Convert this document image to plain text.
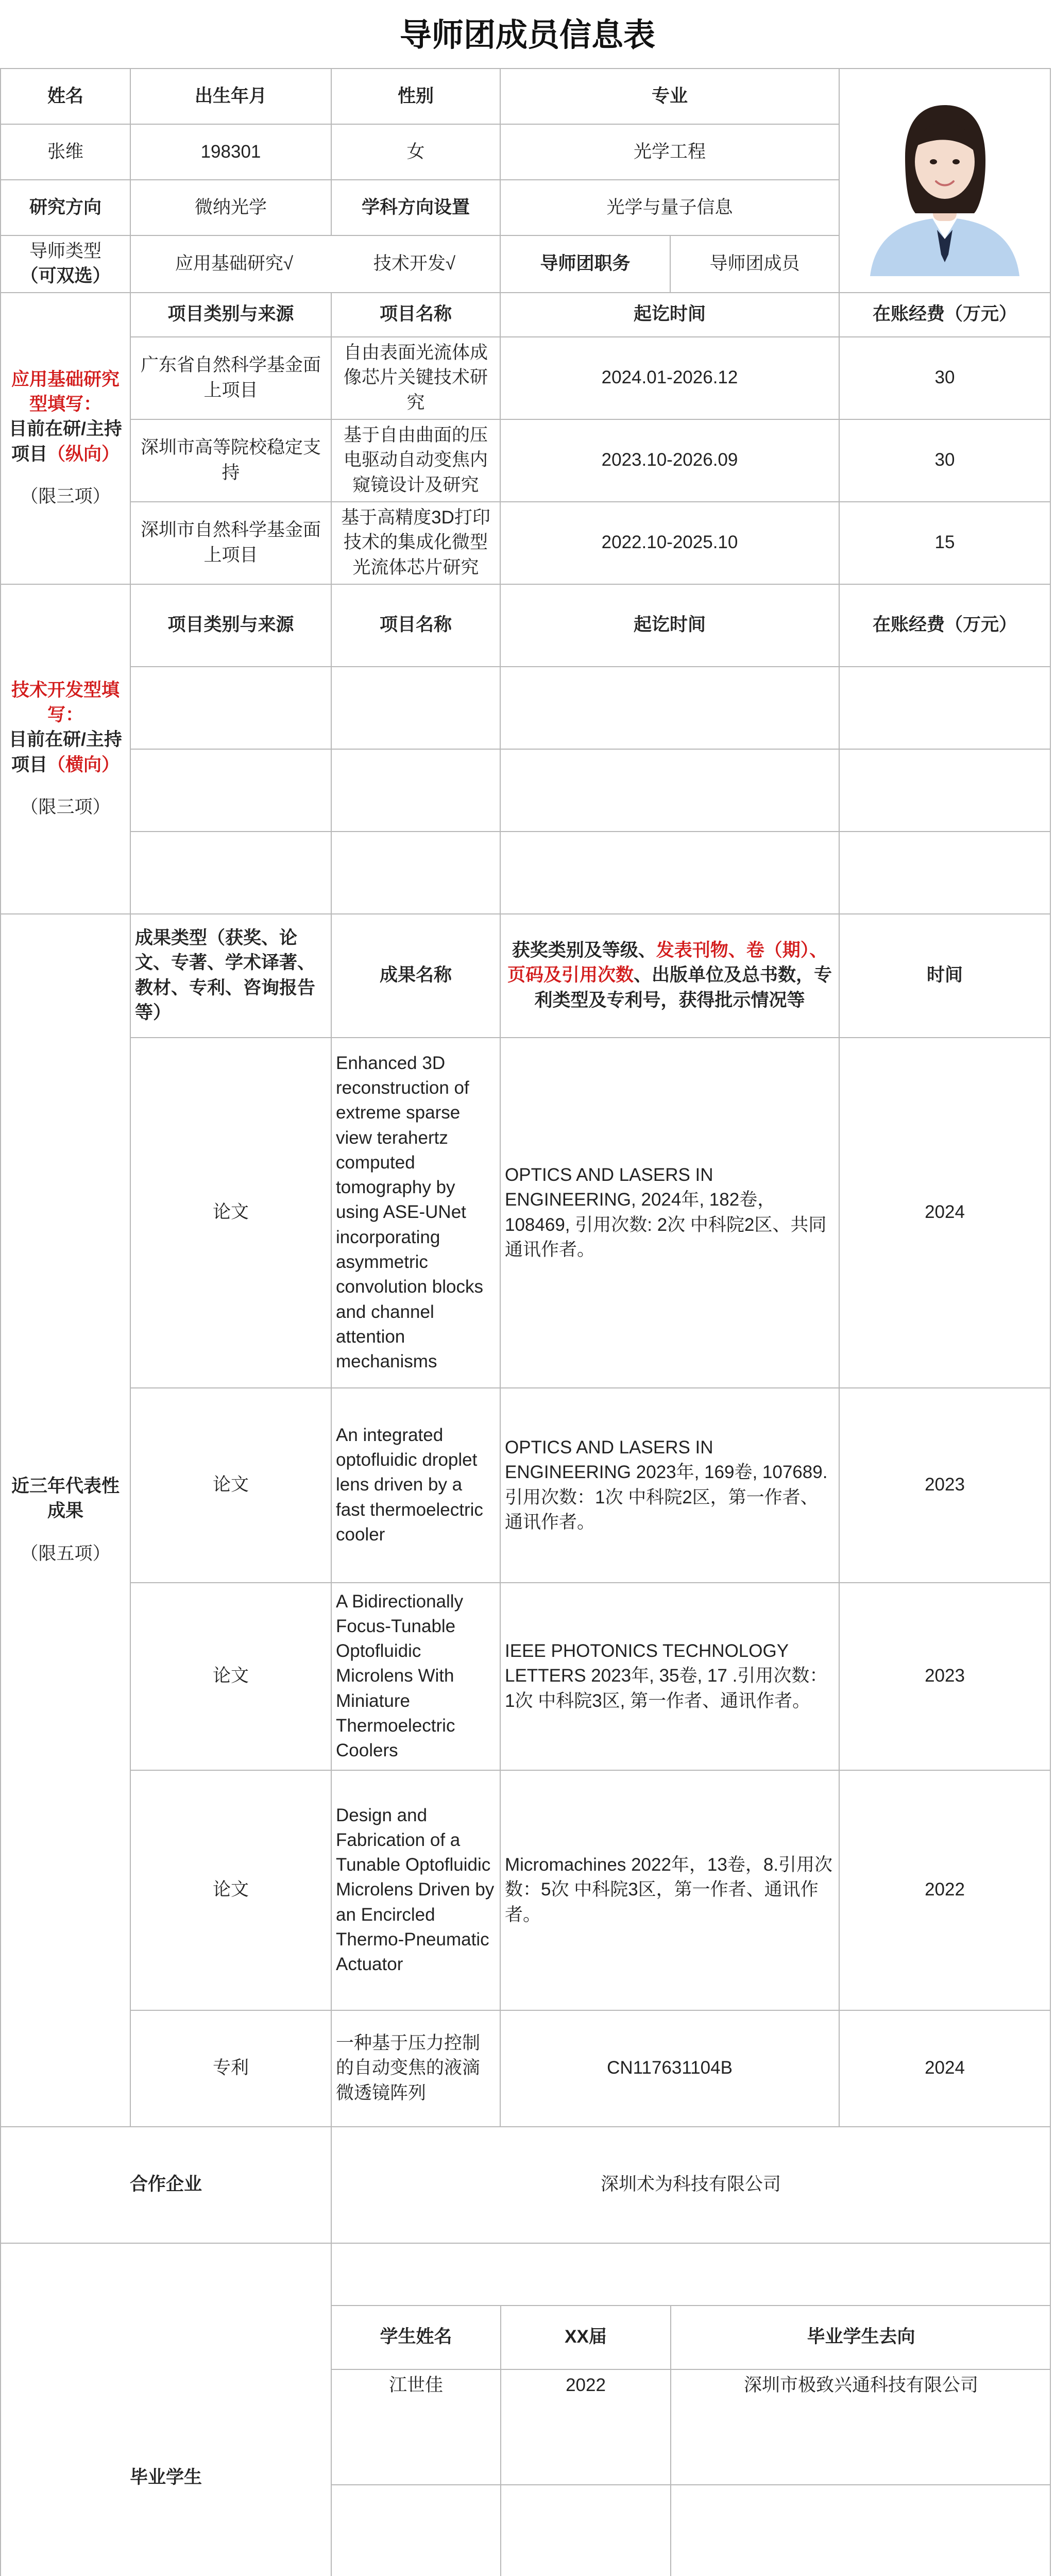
导师团成员信息表
姓名	出生年月	性别	专业	

张维	198301	女	光学工程
研究方向	微纳光学	学科方向设置	光学与量子信息

导师类型
（可双选）

应用基础研究√	技术开发√	导师团职务	导师团成员

应用基础研究型填写：
目前在研/主持项目（纵向）
（限三项）
	项目类别与来源	项目名称	起讫时间	在账经费（万元）
广东省自然科学基金面上项目	自由表面光流体成像芯片关键技术研究	2024.01-2026.12	30
深圳市高等院校稳定支持	基于自由曲面的压电驱动自动变焦内窥镜设计及研究	2023.10-2026.09	30
深圳市自然科学基金面上项目	基于高精度3D打印技术的集成化微型光流体芯片研究	2022.10-2025.10	15

技术开发型填写：
目前在研/主持项目（横向）
（限三项）
	项目类别与来源	项目名称	起讫时间	在账经费（万元）

近三年代表性成果
（限五项）
	成果类型（获奖、论文、专著、学术译著、教材、专利、咨询报告等）	成果名称	获奖类别及等级、发表刊物、卷（期）、页码及引用次数、出版单位及总书数，专利类型及专利号，获得批示情况等	时间
论文	Enhanced 3D reconstruction of extreme sparse view terahertz computed tomography by using ASE-UNet incorporating asymmetric convolution blocks and channel attention mechanisms	OPTICS AND LASERS IN ENGINEERING, 2024年, 182卷，108469, 引用次数: 2次 中科院2区、共同通讯作者。	2024
论文	An integrated optofluidic droplet lens driven by a fast thermoelectric cooler	OPTICS AND LASERS IN ENGINEERING 2023年, 169卷, 107689.引用次数：1次 中科院2区，第一作者、通讯作者。	2023
论文	A Bidirectionally Focus-Tunable Optofluidic Microlens With Miniature Thermoelectric Coolers	IEEE PHOTONICS TECHNOLOGY LETTERS 2023年, 35卷, 17 .引用次数：1次 中科院3区, 第一作者、通讯作者。	2023
论文	Design and Fabrication of a Tunable Optofluidic Microlens Driven by an Encircled Thermo-Pneumatic Actuator	Micromachines 2022年，13卷，8.引用次数：5次 中科院3区，第一作者、通讯作者。	2022
专利	一种基于压力控制的自动变焦的液滴微透镜阵列	CN117631104B	2024
合作企业	深圳术为科技有限公司
毕业学生	

学生姓名	XX届	毕业学生去向
江世佳	2022	深圳市极致兴通科技有限公司
